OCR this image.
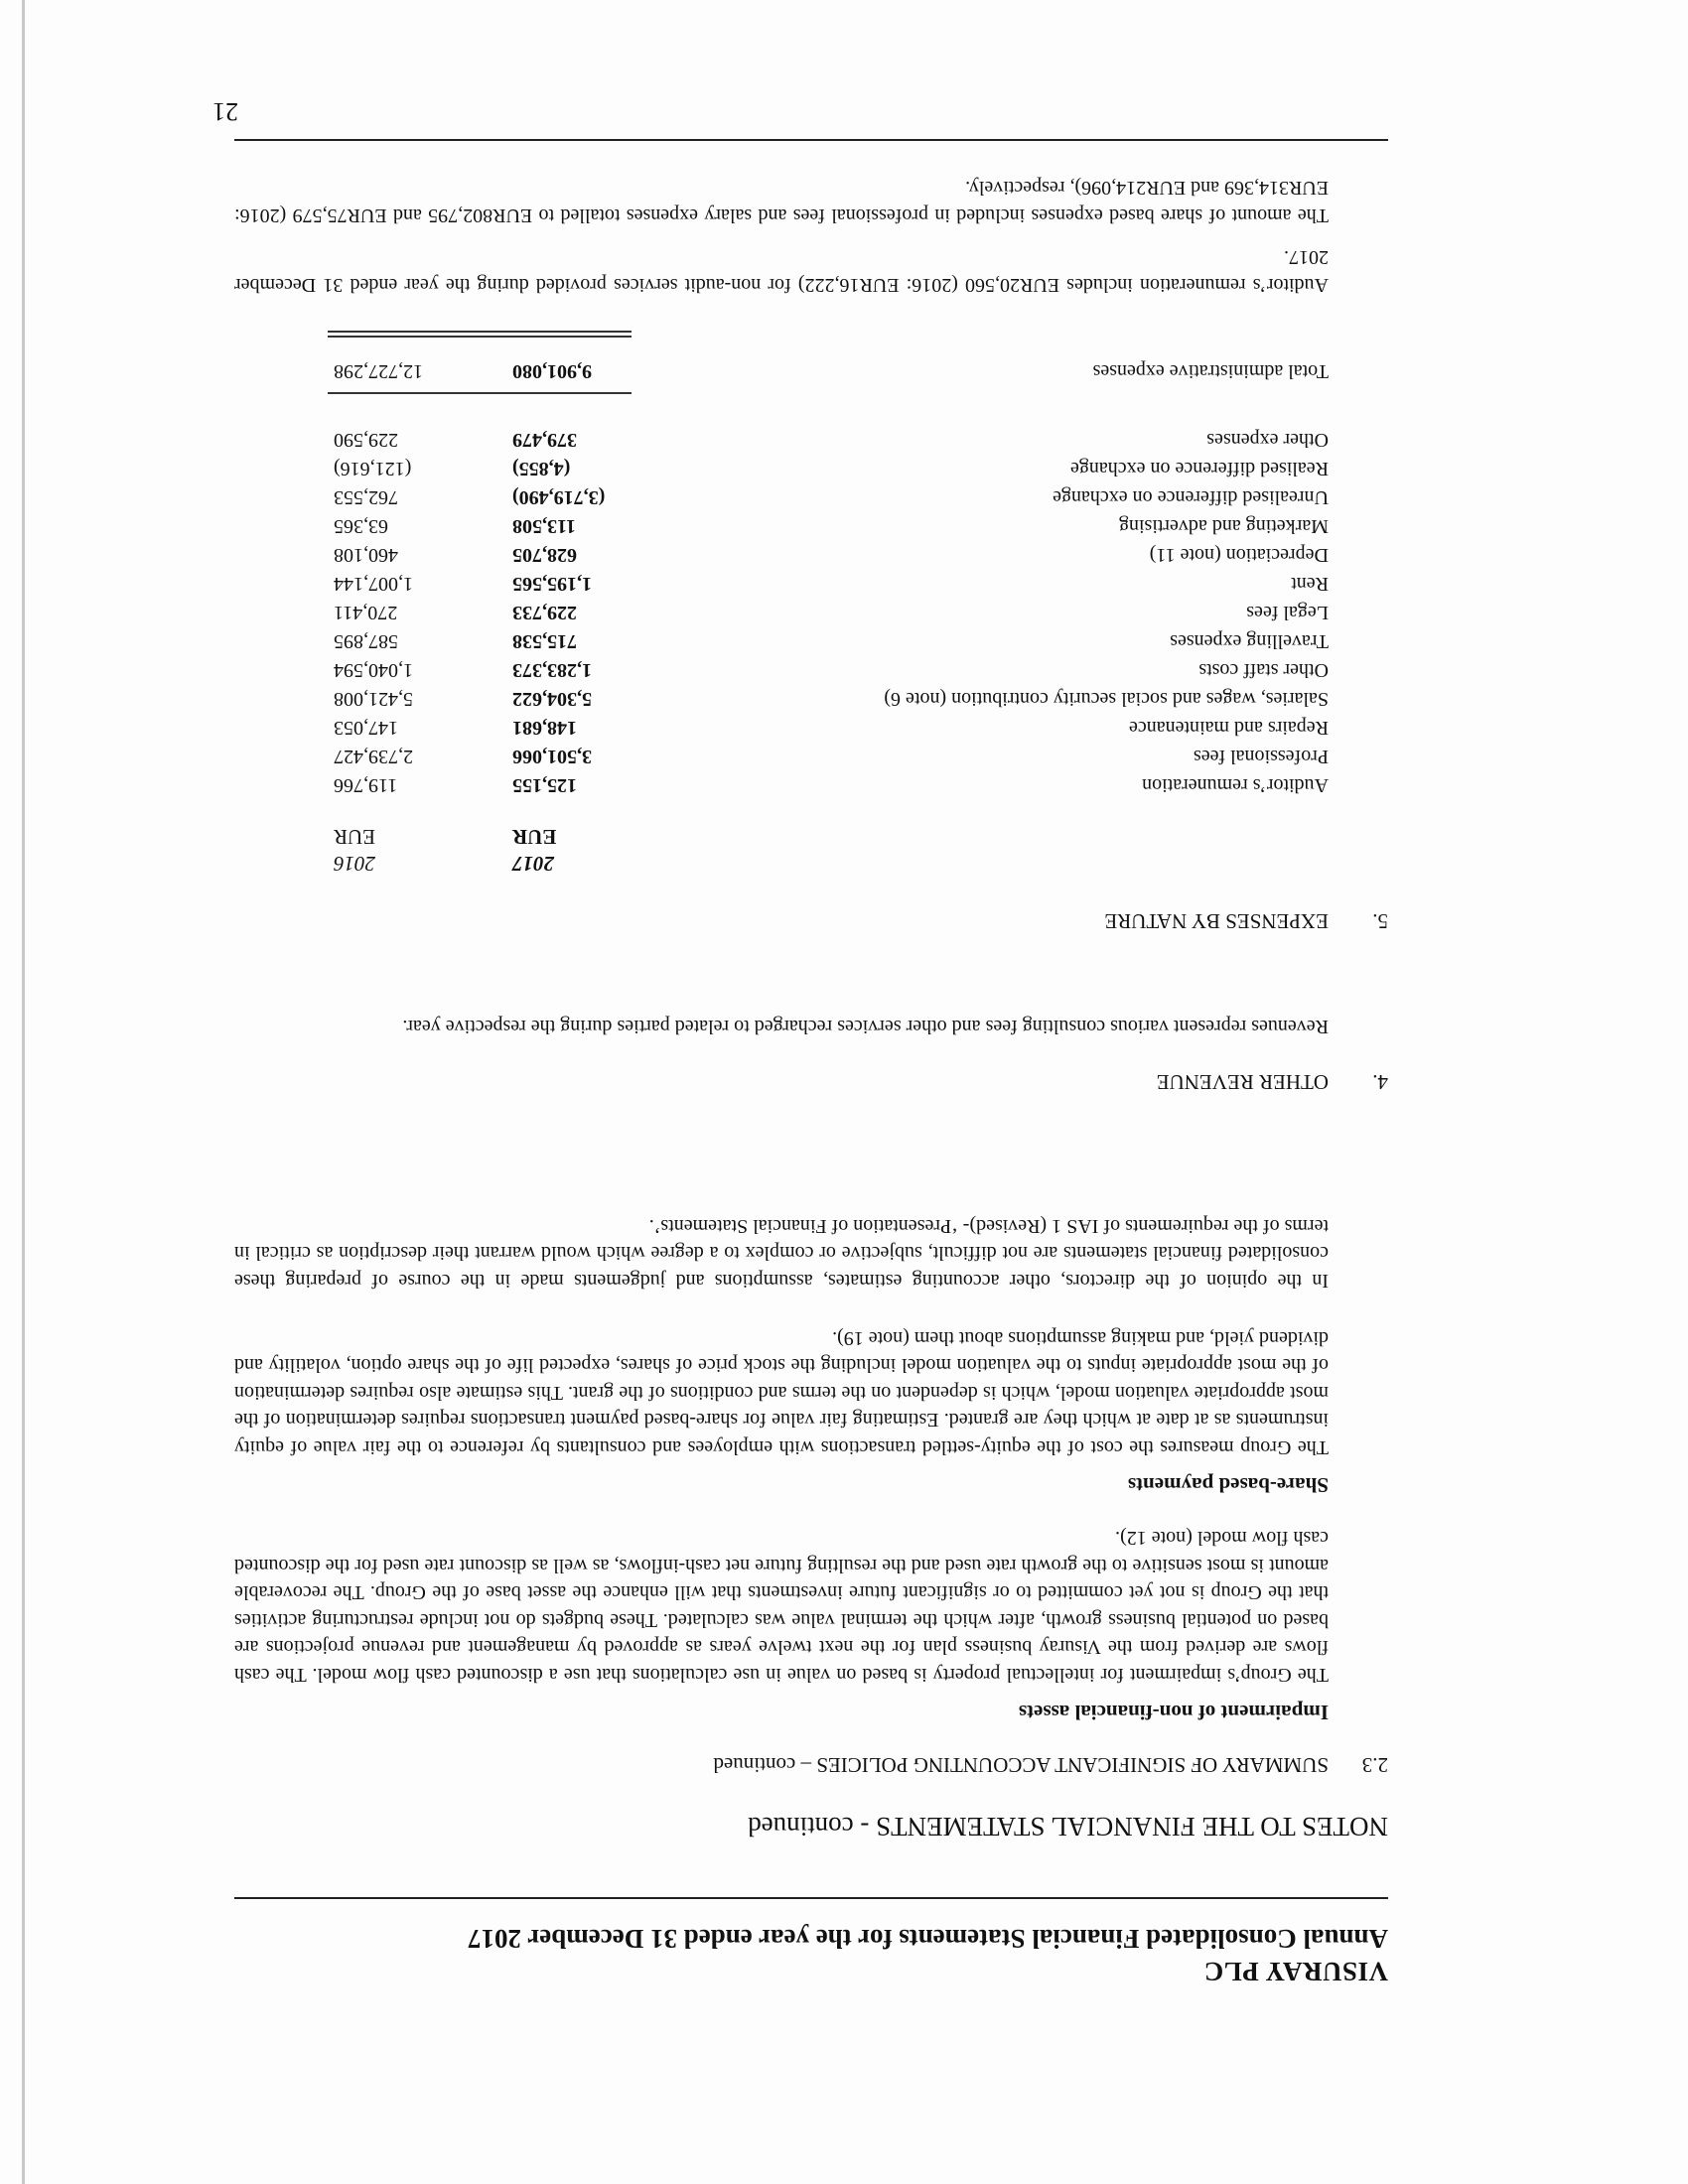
VISURAY PLC
Annual Consolidated Financial Statements for the year ended 31 December 2017
NOTES TO THE FINANCIAL STATEMENTS - continued
2.3
SUMMARY OF SIGNIFICANT ACCOUNTING POLICIES – continued
Impairment of non-financial assets

The Group’s impairment for intellectual property is based on value in use calculations that use a discounted cash flow model. The cash flows are derived from the Visuray business plan for the next twelve years as approved by management and revenue projections are based on potential business growth, after which the terminal value was calculated. These budgets do not include restructuring activities that the Group is not yet committed to or significant future investments that will enhance the asset base of the Group. The recoverable amount is most sensitive to the growth rate used and the resulting future net cash-inflows, as well as discount rate used for the discounted cash flow model (note 12).

Share-based payments

The Group measures the cost of the equity-settled transactions with employees and consultants by reference to the fair value of equity instruments as at date at which they are granted. Estimating fair value for share-based payment transactions requires determination of the most appropriate valuation model, which is dependent on the terms and conditions of the grant. This estimate also requires determination of the most appropriate inputs to the valuation model including the stock price of shares, expected life of the share option, volatility and dividend yield, and making assumptions about them (note 19).

In the opinion of the directors, other accounting estimates, assumptions and judgements made in the course of preparing these consolidated financial statements are not difficult, subjective or complex to a degree which would warrant their description as critical in terms of the requirements of IAS 1 (Revised)- ‘Presentation of Financial Statements’.

4.
OTHER REVENUE

Revenues represent various consulting fees and other services recharged to related parties during the respective year.

5.
EXPENSES BY NATURE
2017
2016
EUR
EUR
Auditor’s remuneration
125,155
119,766
Professional fees
3,501,066
2,739,427
Repairs and maintenance
148,681
147,053
Salaries, wages and social security contribution (note 6)
5,304,622
5,421,008
Other staff costs
1,283,373
1,040,594
Travelling expenses
715,538
587,895
Legal fees
229,733
270,411
Rent
1,195,565
1,007,144
Depreciation (note 11)
628,705
460,108
Marketing and advertising
113,508
63,365
Unrealised difference on exchange
(3,719,490)
762,553
Realised difference on exchange
(4,855)
(121,616)
Other expenses
379,479
229,590
Total administrative expenses
9,901,080
12,727,298

Auditor’s remuneration includes EUR20,560 (2016: EUR16,222) for non-audit services provided during the year ended 31 December 2017.

The amount of share based expenses included in professional fees and salary expenses totalled to EUR802,795 and EUR75,579 (2016: EUR314,369 and EUR214,096), respectively.

21
